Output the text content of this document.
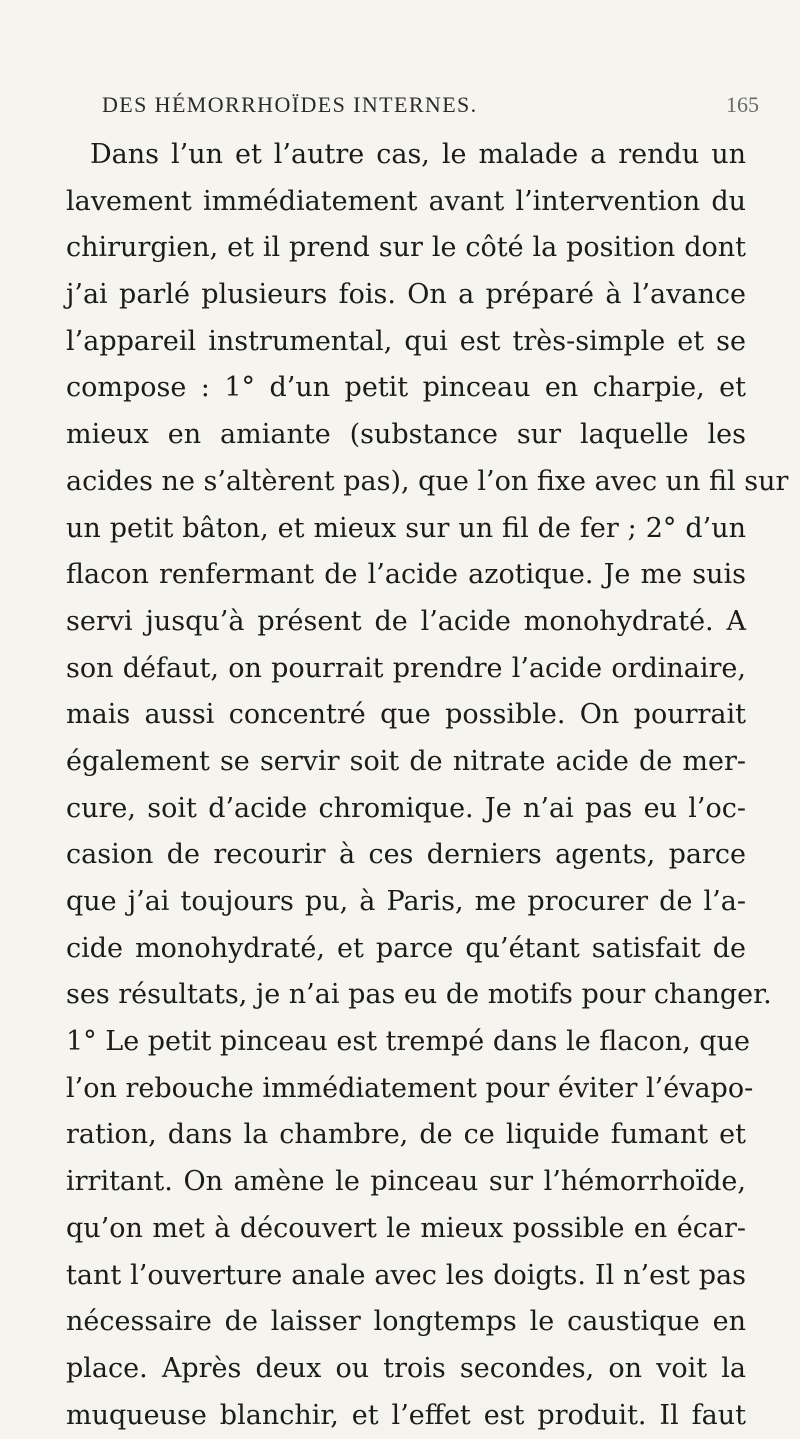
DES HÉMORRHOÏDES INTERNES.	165
Dans l’un et l’autre cas, le malade a rendu un
lavement immédiatement avant l’intervention du
chirurgien, et il prend sur le côté la position dont
j’ai parlé plusieurs fois. On a préparé à l’avance
l’appareil instrumental, qui est très-simple et se
compose : 1° d’un petit pinceau en charpie, et
mieux en amiante (substance sur laquelle les
acides ne s’altèrent pas), que l’on fixe avec un fil sur
un petit bâton, et mieux sur un fil de fer ; 2° d’un
flacon renfermant de l’acide azotique. Je me suis
servi jusqu’à présent de l’acide monohydraté. A
son défaut, on pourrait prendre l’acide ordinaire,
mais aussi concentré que possible. On pourrait
également se servir soit de nitrate acide de mer-
cure, soit d’acide chromique. Je n’ai pas eu l’oc-
casion de recourir à ces derniers agents, parce
que j’ai toujours pu, à Paris, me procurer de l’a-
cide monohydraté, et parce qu’étant satisfait de
ses résultats, je n’ai pas eu de motifs pour changer.
1° Le petit pinceau est trempé dans le flacon, que
l’on rebouche immédiatement pour éviter l’évapo-
ration, dans la chambre, de ce liquide fumant et
irritant. On amène le pinceau sur l’hémorrhoïde,
qu’on met à découvert le mieux possible en écar-
tant l’ouverture anale avec les doigts. Il n’est pas
nécessaire de laisser longtemps le caustique en
place. Après deux ou trois secondes, on voit la
muqueuse blanchir, et l’effet est produit. Il faut
